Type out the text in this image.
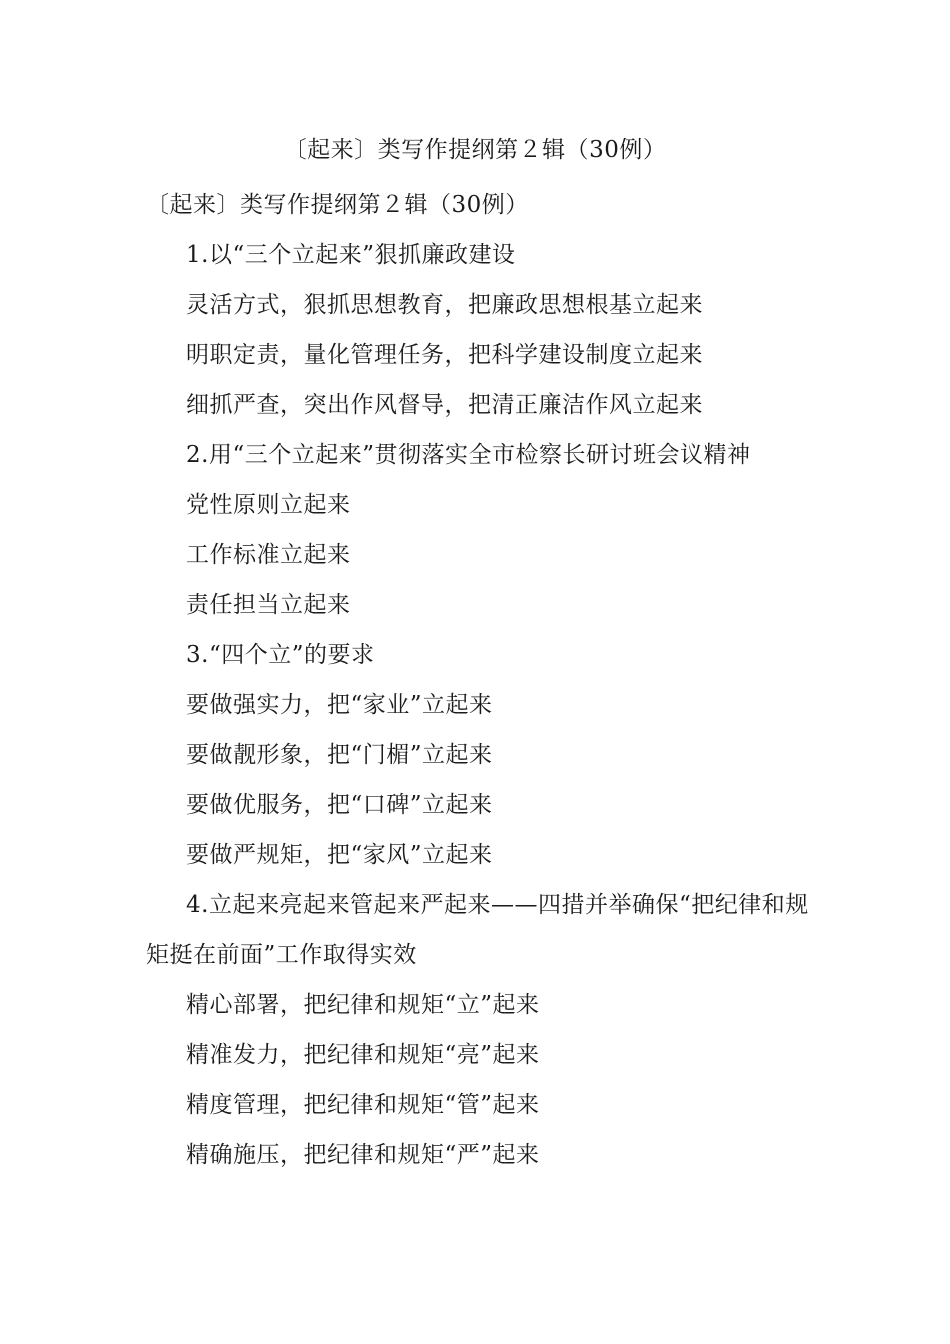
〔起来〕类写作提纲第２辑（30例）

〔起来〕类写作提纲第２辑（30例）

1.以“三个立起来”狠抓廉政建设

灵活方式，狠抓思想教育，把廉政思想根基立起来

明职定责，量化管理任务，把科学建设制度立起来

细抓严查，突出作风督导，把清正廉洁作风立起来

2.用“三个立起来”贯彻落实全市检察长研讨班会议精神

党性原则立起来

工作标准立起来

责任担当立起来

3.“四个立”的要求

要做强实力，把“家业”立起来

要做靓形象，把“门楣”立起来

要做优服务，把“口碑”立起来

要做严规矩，把“家风”立起来

4.立起来亮起来管起来严起来——四措并举确保“把纪律和规矩挺在前面”工作取得实效

精心部署，把纪律和规矩“立”起来

精准发力，把纪律和规矩“亮”起来

精度管理，把纪律和规矩“管”起来

精确施压，把纪律和规矩“严”起来
